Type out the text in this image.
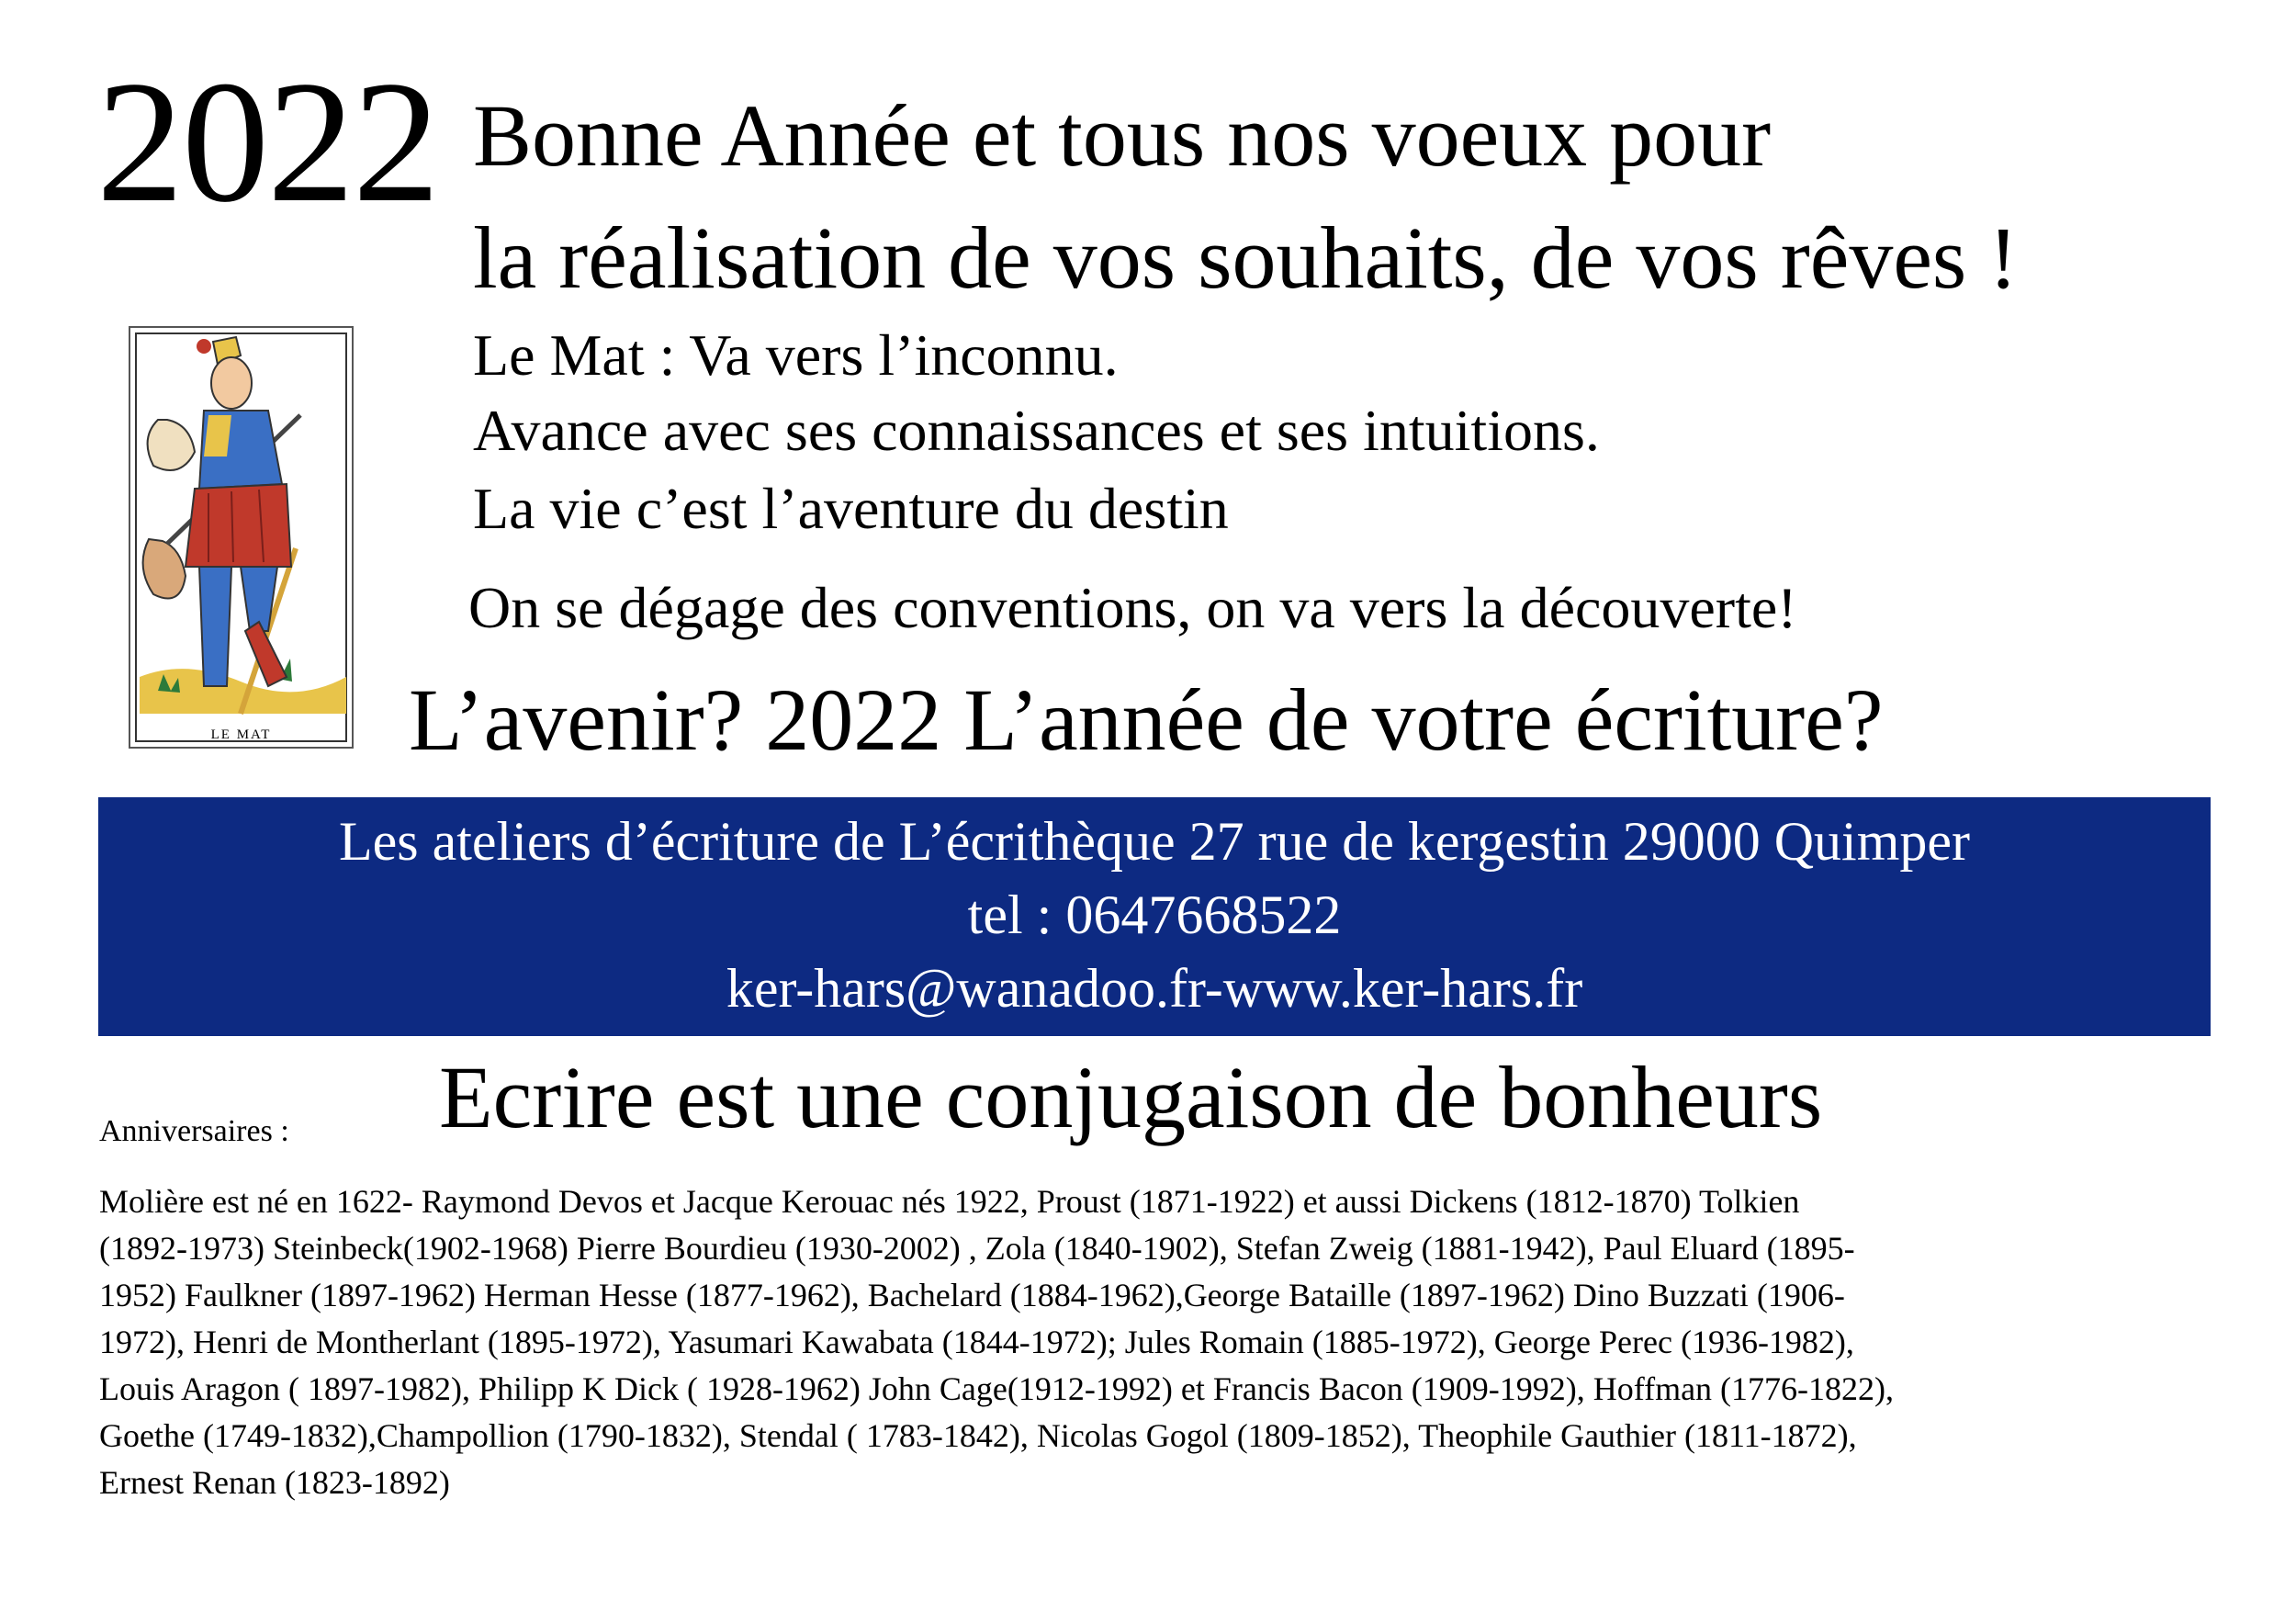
2022 Bonne Année et tous nos voeux pour
la réalisation de vos souhaits, de vos rêves !
LE MAT
Le Mat : Va vers l’inconnu.
Avance avec ses connaissances et ses intuitions.
La vie c’est l’aventure du destin
On se dégage des conventions, on va vers la découverte!
L’avenir? 2022 L’année de votre écriture?
Les ateliers d’écriture de L’écrithèque 27 rue de kergestin 29000 Quimper
tel : 0647668522
ker-hars@wanadoo.fr-www.ker-hars.fr
Anniversaires : Ecrire est une conjugaison de bonheurs
Molière est né en 1622- Raymond Devos et Jacque Kerouac nés 1922, Proust (1871-1922) et aussi Dickens (1812-1870) Tolkien
(1892-1973) Steinbeck(1902-1968) Pierre Bourdieu (1930-2002) , Zola (1840-1902), Stefan Zweig (1881-1942), Paul Eluard (1895-
1952) Faulkner (1897-1962) Herman Hesse (1877-1962), Bachelard (1884-1962),George Bataille (1897-1962) Dino Buzzati (1906-
1972), Henri de Montherlant (1895-1972), Yasumari Kawabata (1844-1972); Jules Romain (1885-1972), George Perec (1936-1982),
Louis Aragon ( 1897-1982), Philipp K Dick ( 1928-1962) John Cage(1912-1992) et Francis Bacon (1909-1992), Hoffman (1776-1822),
Goethe (1749-1832),Champollion (1790-1832), Stendal ( 1783-1842), Nicolas Gogol (1809-1852), Theophile Gauthier (1811-1872),
Ernest Renan (1823-1892)
